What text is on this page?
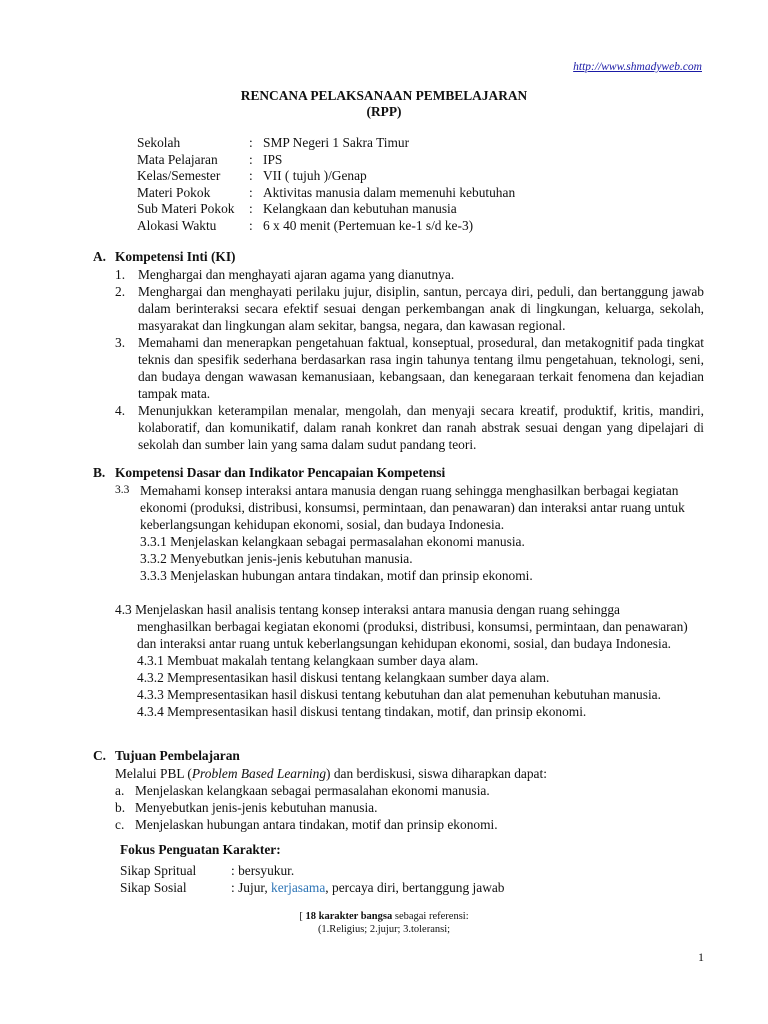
http://www.shmadyweb.com
RENCANA PELAKSANAAN PEMBELAJARAN
(RPP)
Sekolah	: SMP Negeri 1 Sakra Timur
Mata Pelajaran	: IPS
Kelas/Semester	: VII ( tujuh )/Genap
Materi Pokok	: Aktivitas manusia dalam memenuhi kebutuhan
Sub Materi Pokok	: Kelangkaan dan kebutuhan manusia
Alokasi Waktu	: 6 x 40 menit (Pertemuan ke-1 s/d ke-3)
A. Kompetensi Inti (KI)
1. Menghargai dan menghayati ajaran agama yang dianutnya.
2. Menghargai dan menghayati perilaku jujur, disiplin, santun, percaya diri, peduli, dan bertanggung jawab dalam berinteraksi secara efektif sesuai dengan perkembangan anak di lingkungan, keluarga, sekolah, masyarakat dan lingkungan alam sekitar, bangsa, negara, dan kawasan regional.
3. Memahami dan menerapkan pengetahuan faktual, konseptual, prosedural, dan metakognitif pada tingkat teknis dan spesifik sederhana berdasarkan rasa ingin tahunya tentang ilmu pengetahuan, teknologi, seni, dan budaya dengan wawasan kemanusiaan, kebangsaan, dan kenegaraan terkait fenomena dan kejadian tampak mata.
4. Menunjukkan keterampilan menalar, mengolah, dan menyaji secara kreatif, produktif, kritis, mandiri, kolaboratif, dan komunikatif, dalam ranah konkret dan ranah abstrak sesuai dengan yang dipelajari di sekolah dan sumber lain yang sama dalam sudut pandang teori.
B. Kompetensi Dasar dan Indikator Pencapaian Kompetensi
3.3 Memahami konsep interaksi antara manusia dengan ruang sehingga menghasilkan berbagai kegiatan ekonomi (produksi, distribusi, konsumsi, permintaan, dan penawaran) dan interaksi antar ruang untuk keberlangsungan kehidupan ekonomi, sosial, dan budaya Indonesia.
3.3.1 Menjelaskan kelangkaan sebagai permasalahan ekonomi manusia.
3.3.2 Menyebutkan jenis-jenis kebutuhan manusia.
3.3.3 Menjelaskan hubungan antara tindakan, motif dan prinsip ekonomi.
4.3 Menjelaskan hasil analisis tentang konsep interaksi antara manusia dengan ruang sehingga
menghasilkan berbagai kegiatan ekonomi (produksi, distribusi, konsumsi, permintaan, dan penawaran) dan interaksi antar ruang untuk keberlangsungan kehidupan ekonomi, sosial, dan budaya Indonesia.
4.3.1 Membuat makalah tentang kelangkaan sumber daya alam.
4.3.2 Mempresentasikan hasil diskusi tentang kelangkaan sumber daya alam.
4.3.3 Mempresentasikan hasil diskusi tentang kebutuhan dan alat pemenuhan kebutuhan manusia.
4.3.4 Mempresentasikan hasil diskusi tentang tindakan, motif, dan prinsip ekonomi.
C. Tujuan Pembelajaran
Melalui PBL (Problem Based Learning) dan berdiskusi, siswa diharapkan dapat:
a. Menjelaskan kelangkaan sebagai permasalahan ekonomi manusia.
b. Menyebutkan jenis-jenis kebutuhan manusia.
c. Menjelaskan hubungan antara tindakan, motif dan prinsip ekonomi.
Fokus Penguatan Karakter:
Sikap Spritual	: bersyukur.
Sikap Sosial	: Jujur, kerjasama, percaya diri, bertanggung jawab
[ 18 karakter bangsa sebagai referensi:
(1.Religius; 2.jujur; 3.toleransi;
1
